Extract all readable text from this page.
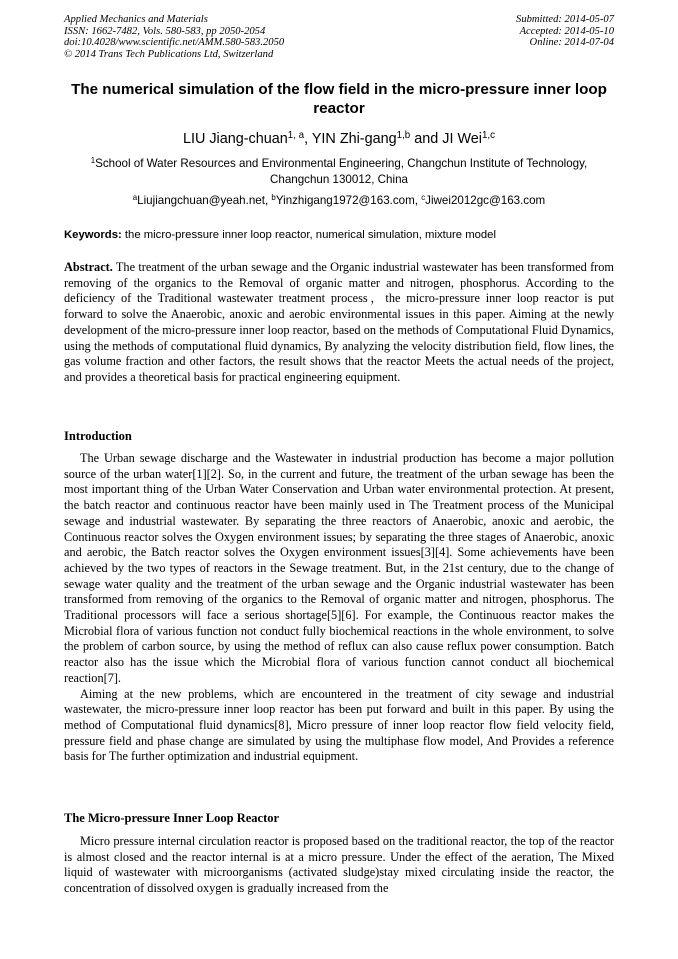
Applied Mechanics and Materials
ISSN: 1662-7482, Vols. 580-583, pp 2050-2054
doi:10.4028/www.scientific.net/AMM.580-583.2050
© 2014 Trans Tech Publications Ltd, Switzerland
Submitted: 2014-05-07
Accepted: 2014-05-10
Online: 2014-07-04
The numerical simulation of the flow field in the micro-pressure inner loop reactor
LIU Jiang-chuan$^{1, a}$, YIN Zhi-gang$^{1,b}$ and JI Wei$^{1,c}$
$^1$School of Water Resources and Environmental Engineering, Changchun Institute of Technology, Changchun 130012, China
$^a$Liujiangchuan@yeah.net, $^b$Yinzhigang1972@163.com, $^c$Jiwei2012gc@163.com
Keywords: the micro-pressure inner loop reactor, numerical simulation, mixture model
Abstract. The treatment of the urban sewage and the Organic industrial wastewater has been transformed from removing of the organics to the Removal of organic matter and nitrogen, phosphorus. According to the deficiency of the Traditional wastewater treatment process，the micro-pressure inner loop reactor is put forward to solve the Anaerobic, anoxic and aerobic environmental issues in this paper. Aiming at the newly development of the micro-pressure inner loop reactor, based on the methods of Computational Fluid Dynamics, using the methods of computational fluid dynamics, By analyzing the velocity distribution field, flow lines, the gas volume fraction and other factors, the result shows that the reactor Meets the actual needs of the project, and provides a theoretical basis for practical engineering equipment.
Introduction

The Urban sewage discharge and the Wastewater in industrial production has become a major pollution source of the urban water[1][2]. So, in the current and future, the treatment of the urban sewage has been the most important thing of the Urban Water Conservation and Urban water environmental protection. At present, the batch reactor and continuous reactor have been mainly used in The Treatment process of the Municipal sewage and industrial wastewater. By separating the three reactors of Anaerobic, anoxic and aerobic, the Continuous reactor solves the Oxygen environment issues; by separating the three stages of Anaerobic, anoxic and aerobic, the Batch reactor solves the Oxygen environment issues[3][4]. Some achievements have been achieved by the two types of reactors in the Sewage treatment. But, in the 21st century, due to the change of sewage water quality and the treatment of the urban sewage and the Organic industrial wastewater has been transformed from removing of the organics to the Removal of organic matter and nitrogen, phosphorus. The Traditional processors will face a serious shortage[5][6]. For example, the Continuous reactor makes the Microbial flora of various function not conduct fully biochemical reactions in the whole environment, to solve the problem of carbon source, by using the method of reflux can also cause reflux power consumption. Batch reactor also has the issue which the Microbial flora of various function cannot conduct all biochemical reaction[7].

Aiming at the new problems, which are encountered in the treatment of city sewage and industrial wastewater, the micro-pressure inner loop reactor has been put forward and built in this paper. By using the method of Computational fluid dynamics[8], Micro pressure of inner loop reactor flow field velocity field, pressure field and phase change are simulated by using the multiphase flow model, And Provides a reference basis for The further optimization and industrial equipment.

The Micro-pressure Inner Loop Reactor

Micro pressure internal circulation reactor is proposed based on the traditional reactor, the top of the reactor is almost closed and the reactor internal is at a micro pressure. Under the effect of the aeration, The Mixed liquid of wastewater with microorganisms (activated sludge)stay mixed circulating inside the reactor, the concentration of dissolved oxygen is gradually increased from the
